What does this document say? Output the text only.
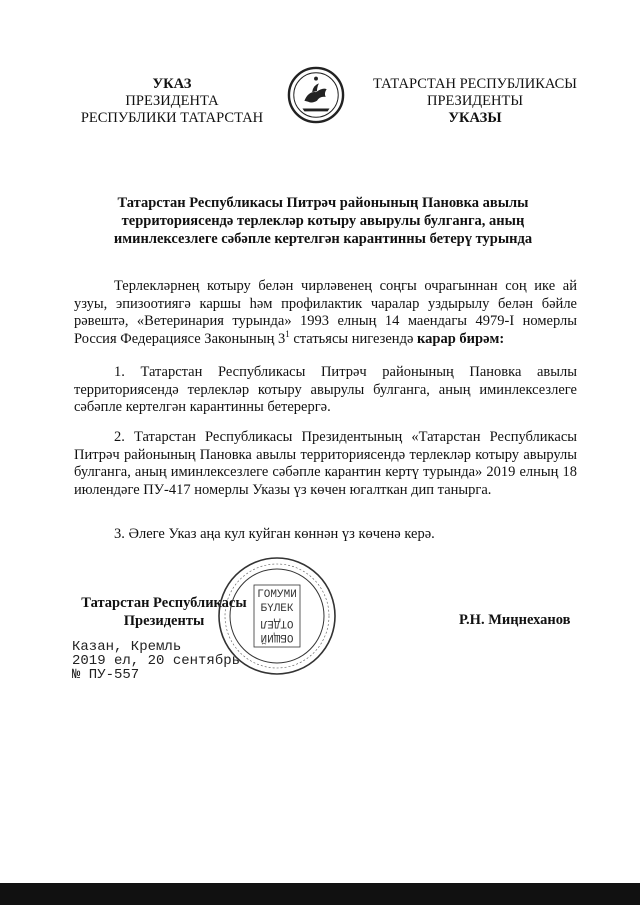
УКАЗ
ПРЕЗИДЕНТА
РЕСПУБЛИКИ ТАТАРСТАН
ТАТАРСТАН РЕСПУБЛИКАСЫ
ПРЕЗИДЕНТЫ
УКАЗЫ
Татарстан Республикасы Питрәч районының Пановка авылы
территориясендә терлекләр котыру авырулы булганга, аның
иминлексезлеге сәбәпле кертелгән карантинны бетерү турында
Терлекләрнең котыру белән чирләвенең соңгы очрагыннан соң ике ай узуы, эпизоотиягә каршы һәм профилактик чаралар уздырылу белән бәйле рәвештә, «Ветеринария турында» 1993 елның 14 маендагы 4979-I номерлы Россия Федерациясе Законының $3^1$ статьясы нигезендә карар бирәм:
1. Татарстан Республикасы Питрәч районының Пановка авылы территориясендә терлекләр котыру авырулы булганга, аның иминлексезлеге сәбәпле кертелгән карантинны бетерергә.
2. Татарстан Республикасы Президентының «Татарстан Республикасы Питрәч районының Пановка авылы территориясендә терлекләр котыру авырулы булганга, аның иминлексезлеге сәбәпле карантин кертү турында» 2019 елның 18 июлендәге ПУ-417 номерлы Указы үз көчен югалткан дип таныргa.
3. Әлеге Указ аңа кул куйган көннән үз көченә керә.
Татарстан Республикасы
Президенты	Р.Н. Миңнеханов
ГОМУМИ
БҮЛЕК
ОБЩИЙ
ОТДЕЛ
Казан, Кремль
2019 ел, 20 сентябрь
№ ПУ-557
